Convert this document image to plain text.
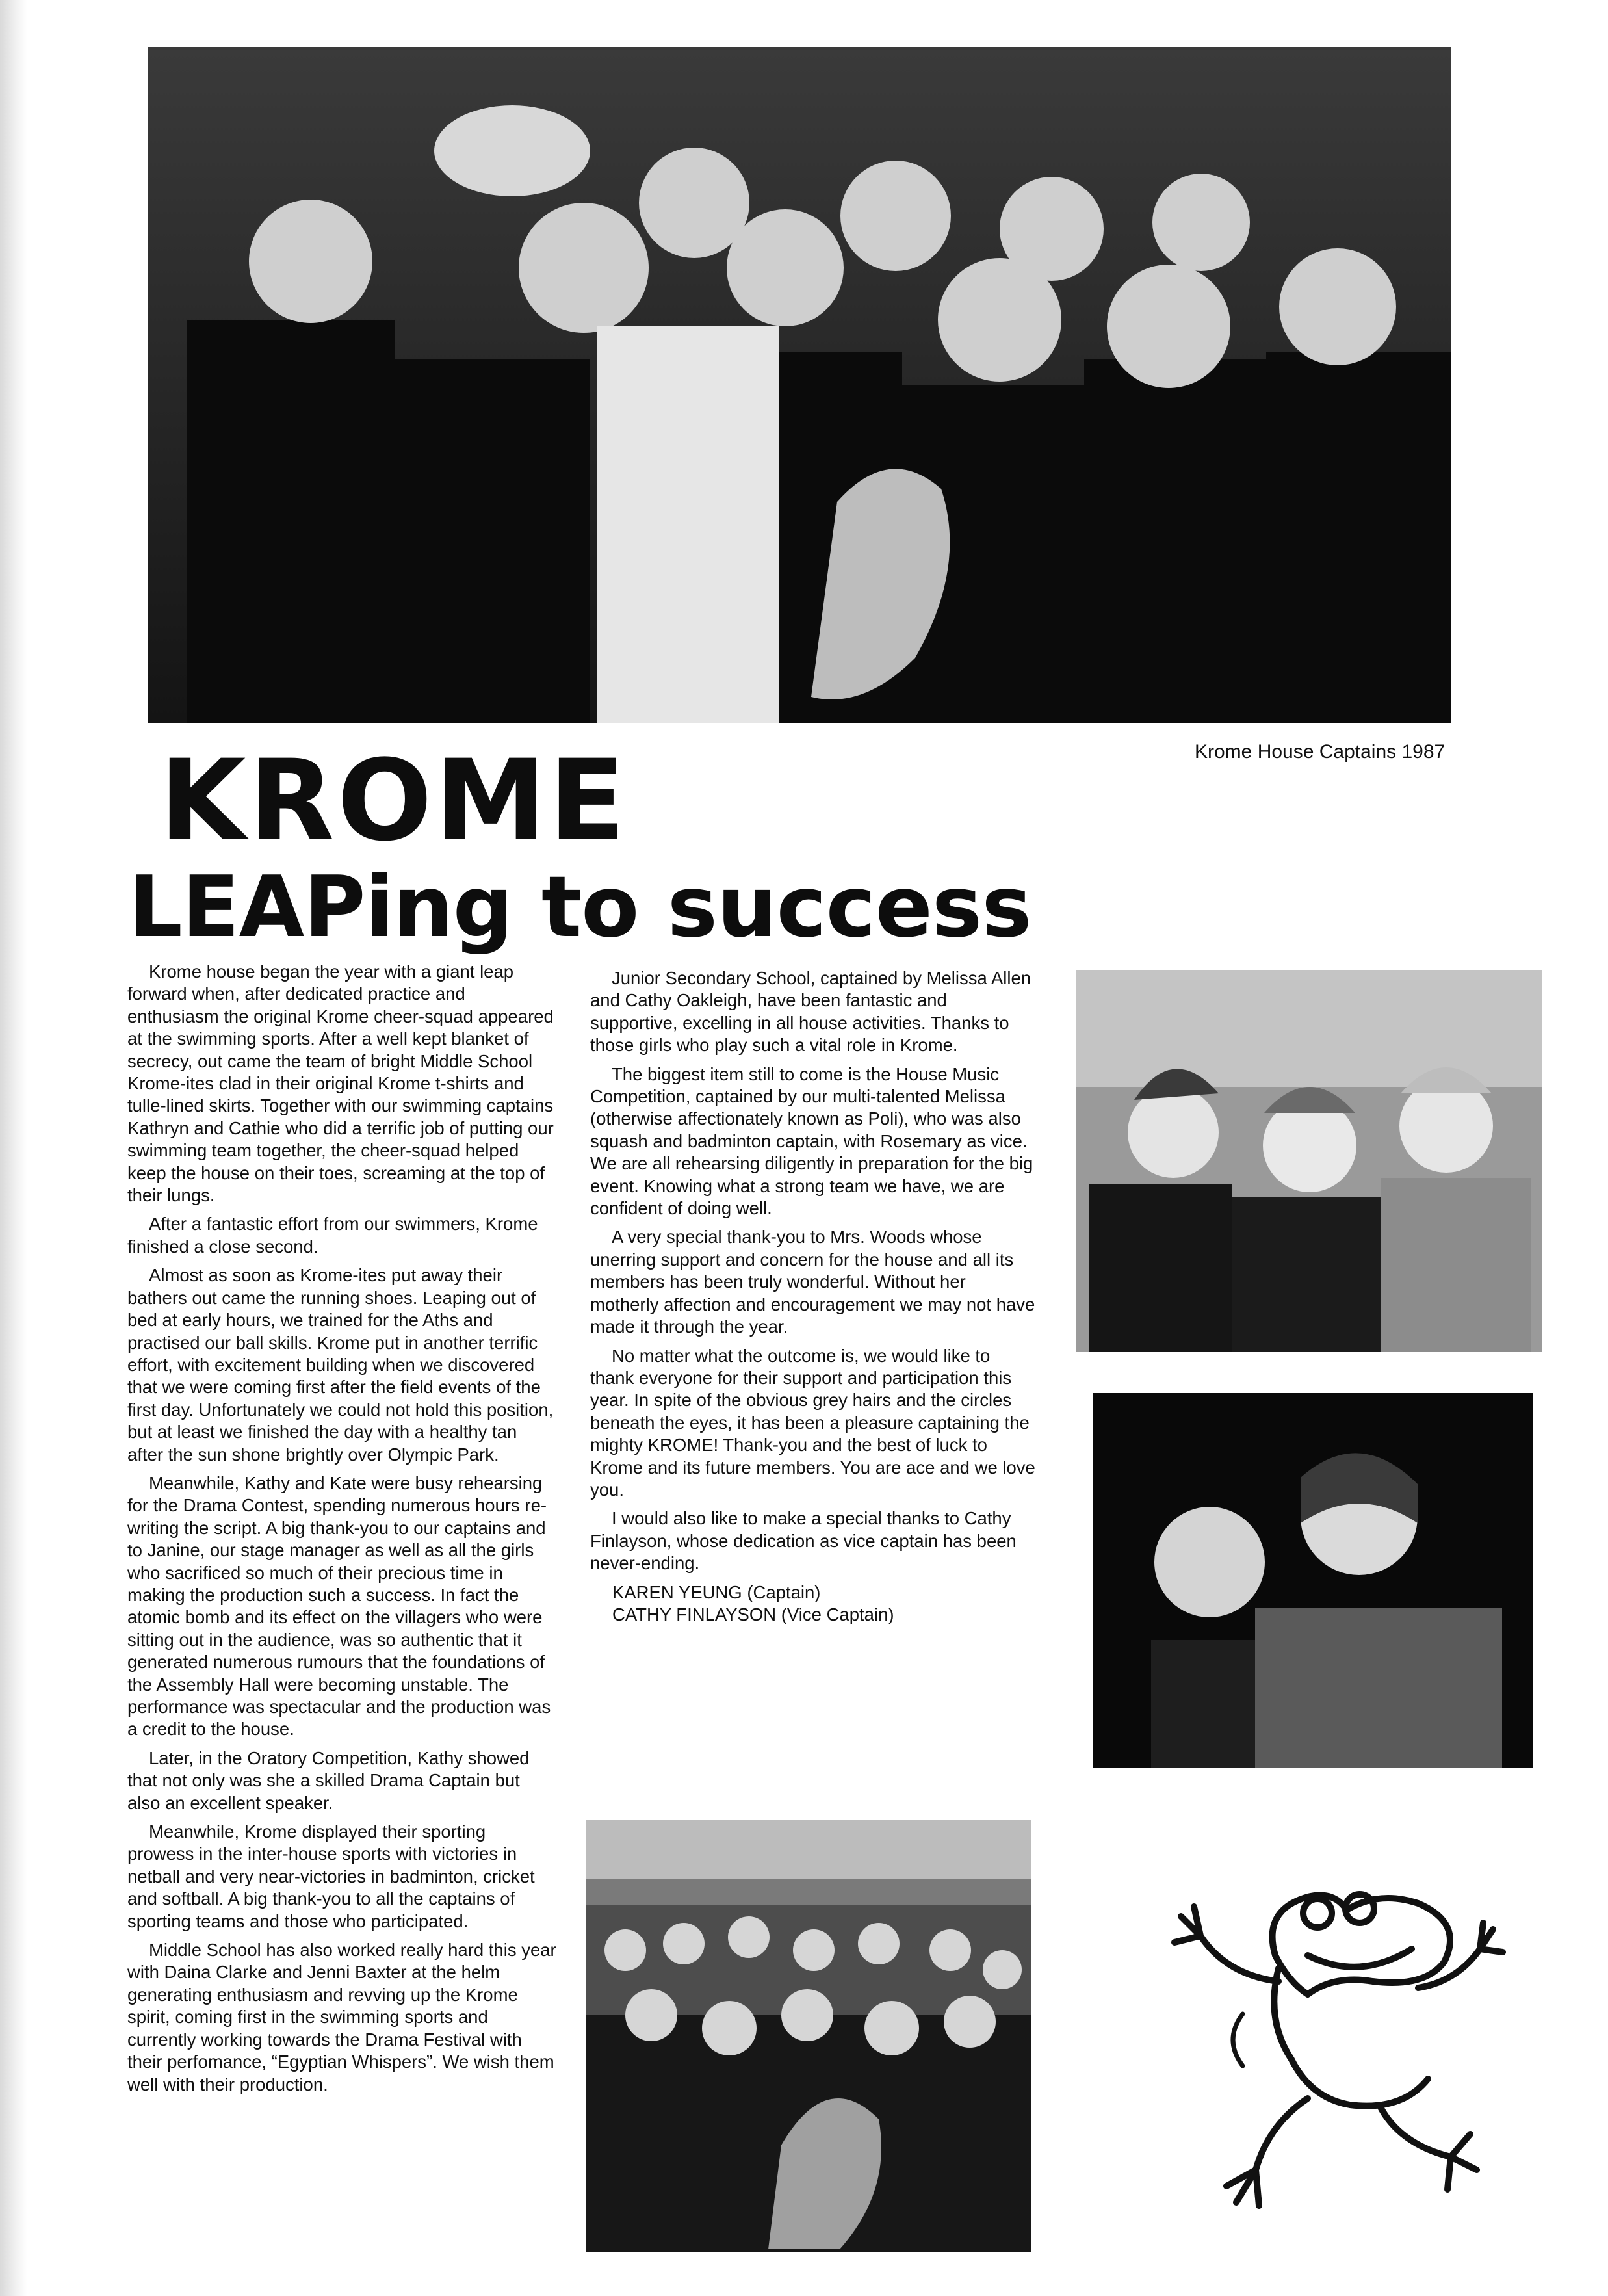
Krome House Captains 1987
KROME
LEAPing to success

Krome house began the year with a giant leap forward when, after dedicated practice and enthusiasm the original Krome cheer-squad appeared at the swimming sports. After a well kept blanket of secrecy, out came the team of bright Middle School Krome-ites clad in their original Krome t-shirts and tulle-lined skirts. Together with our swimming captains Kathryn and Cathie who did a terrific job of putting our swimming team together, the cheer-squad helped keep the house on their toes, screaming at the top of their lungs.

After a fantastic effort from our swimmers, Krome finished a close second.

Almost as soon as Krome-ites put away their bathers out came the running shoes. Leaping out of bed at early hours, we trained for the Aths and practised our ball skills. Krome put in another terrific effort, with excitement building when we discovered that we were coming first after the field events of the first day. Unfortunately we could not hold this position, but at least we finished the day with a healthy tan after the sun shone brightly over Olympic Park.

Meanwhile, Kathy and Kate were busy rehearsing for the Drama Contest, spending numerous hours re-writing the script. A big thank-you to our captains and to Janine, our stage manager as well as all the girls who sacrificed so much of their precious time in making the production such a success. In fact the atomic bomb and its effect on the villagers who were sitting out in the audience, was so authentic that it generated numerous rumours that the foundations of the Assembly Hall were becoming unstable. The performance was spectacular and the production was a credit to the house.

Later, in the Oratory Competition, Kathy showed that not only was she a skilled Drama Captain but also an excellent speaker.

Meanwhile, Krome displayed their sporting prowess in the inter-house sports with victories in netball and very near-victories in badminton, cricket and softball. A big thank-you to all the captains of sporting teams and those who participated.

Middle School has also worked really hard this year with Daina Clarke and Jenni Baxter at the helm generating enthusiasm and revving up the Krome spirit, coming first in the swimming sports and currently working towards the Drama Festival with their perfomance, “Egyptian Whispers”. We wish them well with their production.

Junior Secondary School, captained by Melissa Allen and Cathy Oakleigh, have been fantastic and supportive, excelling in all house activities. Thanks to those girls who play such a vital role in Krome.

The biggest item still to come is the House Music Competition, captained by our multi-talented Melissa (otherwise affectionately known as Poli), who was also squash and badminton captain, with Rosemary as vice. We are all rehearsing diligently in preparation for the big event. Knowing what a strong team we have, we are confident of doing well.

A very special thank-you to Mrs. Woods whose unerring support and concern for the house and all its members has been truly wonderful. Without her motherly affection and encouragement we may not have made it through the year.

No matter what the outcome is, we would like to thank everyone for their support and participation this year. In spite of the obvious grey hairs and the circles beneath the eyes, it has been a pleasure captaining the mighty KROME! Thank-you and the best of luck to Krome and its future members. You are ace and we love you.

I would also like to make a special thanks to Cathy Finlayson, whose dedication as vice captain has been never-ending.

KAREN YEUNG (Captain)
CATHY FINLAYSON (Vice Captain)
